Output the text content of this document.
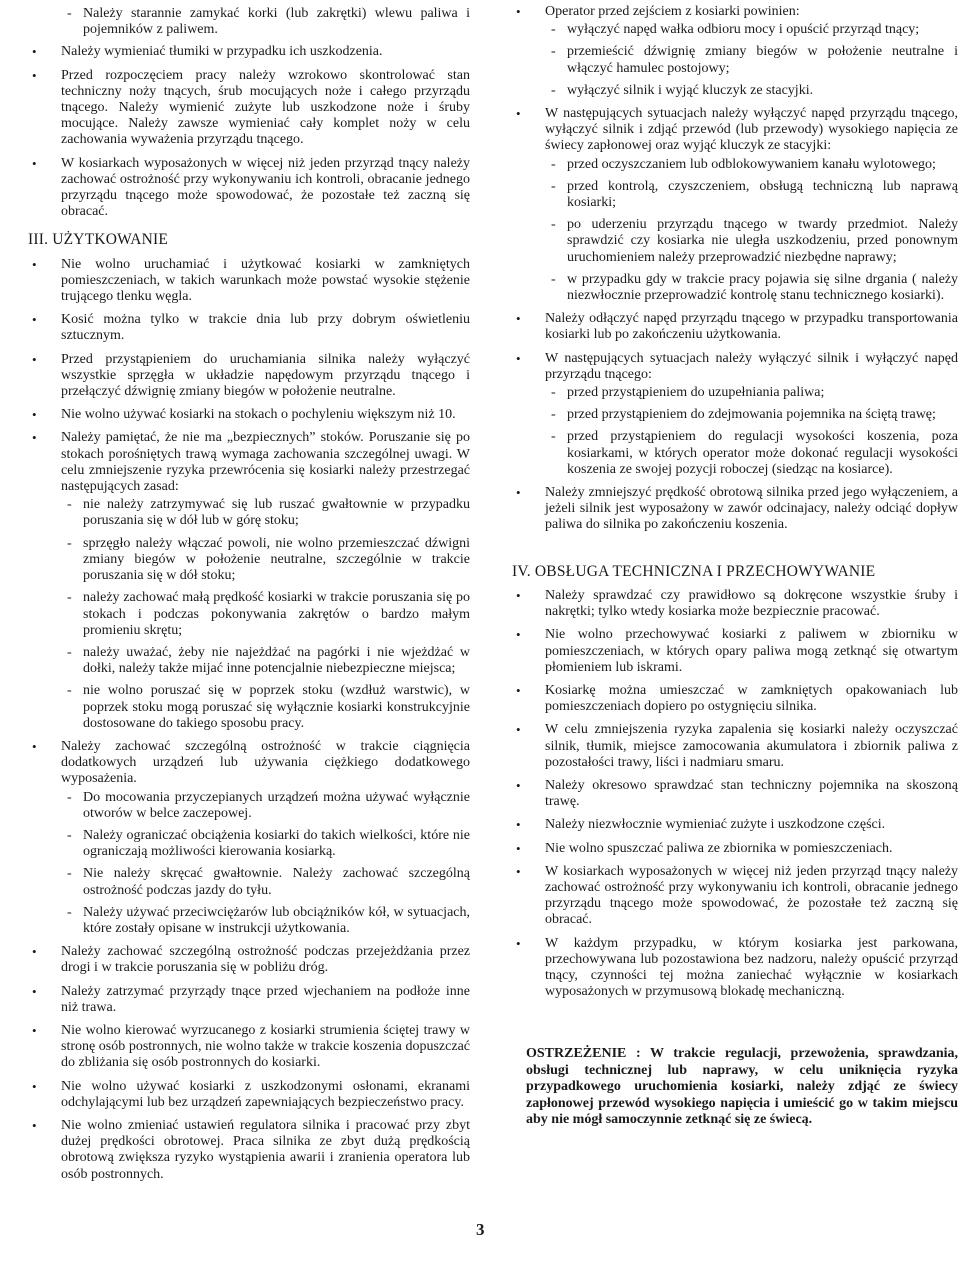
- Należy starannie zamykać korki (lub zakrętki) wlewu paliwa i pojemników z paliwem.
• Należy wymieniać tłumiki w przypadku ich uszkodzenia.
• Przed rozpoczęciem pracy należy wzrokowo skontrolować stan techniczny noży tnących, śrub mocujących noże i całego przyrządu tnącego. Należy wymienić zużyte lub uszkodzone noże i śruby mocujące. Należy zawsze wymieniać cały komplet noży w celu zachowania wyważenia przyrządu tnącego.
• W kosiarkach wyposażonych w więcej niż jeden przyrząd tnący należy zachować ostrożność przy wykonywaniu ich kontroli, obracanie jednego przyrządu tnącego może spowodować, że pozostałe też zaczną się obracać.
III. UŻYTKOWANIE
• Nie wolno uruchamiać i użytkować kosiarki w zamkniętych pomieszczeniach, w takich warunkach może powstać wysokie stężenie trującego tlenku węgla.
• Kosić można tylko w trakcie dnia lub przy dobrym oświetleniu sztucznym.
• Przed przystąpieniem do uruchamiania silnika należy wyłączyć wszystkie sprzęgła w układzie napędowym przyrządu tnącego i przełączyć dźwignię zmiany biegów w położenie neutralne.
• Nie wolno używać kosiarki na stokach o pochyleniu większym niż 10.

• Należy pamiętać, że nie ma „bezpiecznych” stoków. Poruszanie się po stokach porośniętych trawą wymaga zachowania szczególnej uwagi. W celu zmniejszenie ryzyka przewrócenia się kosiarki należy przestrzegać następujących zasad:

- nie należy zatrzymywać się lub ruszać gwałtownie w przypadku poruszania się w dół lub w górę stoku;
- sprzęgło należy włączać powoli, nie wolno przemieszczać dźwigni zmiany biegów w położenie neutralne, szczególnie w trakcie poruszania się w dół stoku;
- należy zachować małą prędkość kosiarki w trakcie poruszania się po stokach i podczas pokonywania zakrętów o bardzo małym promieniu skrętu;
- należy uważać, żeby nie najeżdżać na pagórki i nie wjeżdżać w dołki, należy także mijać inne potencjalnie niebezpieczne miejsca;
- nie wolno poruszać się w poprzek stoku (wzdłuż warstwic), w poprzek stoku mogą poruszać się wyłącznie kosiarki konstrukcyjnie dostosowane do takiego sposobu pracy.

• Należy zachować szczególną ostrożność w trakcie ciągnięcia dodatkowych urządzeń lub używania ciężkiego dodatkowego wyposażenia.

- Do mocowania przyczepianych urządzeń można używać wyłącznie otworów w belce zaczepowej.
- Należy ograniczać obciążenia kosiarki do takich wielkości, które nie ograniczają możliwości kierowania kosiarką.
- Nie należy skręcać gwałtownie. Należy zachować szczególną ostrożność podczas jazdy do tyłu.
- Należy używać przeciwciężarów lub obciążników kół, w sytuacjach, które zostały opisane w instrukcji użytkowania.
• Należy zachować szczególną ostrożność podczas przejeżdżania przez drogi i w trakcie poruszania się w pobliżu dróg.
• Należy zatrzymać przyrządy tnące przed wjechaniem na podłoże inne niż trawa.
• Nie wolno kierować wyrzucanego z kosiarki strumienia ściętej trawy w stronę osób postronnych, nie wolno także w trakcie koszenia dopuszczać do zbliżania się osób postronnych do kosiarki.
• Nie wolno używać kosiarki z uszkodzonymi osłonami, ekranami odchylającymi lub bez urządzeń zapewniających bezpieczeństwo pracy.
• Nie wolno zmieniać ustawień regulatora silnika i pracować przy zbyt dużej prędkości obrotowej. Praca silnika ze zbyt dużą prędkością obrotową zwiększa ryzyko wystąpienia awarii i zranienia operatora lub osób postronnych.

• Operator przed zejściem z kosiarki powinien:

- wyłączyć napęd wałka odbioru mocy i opuścić przyrząd tnący;
- przemieścić dźwignię zmiany biegów w położenie neutralne i włączyć hamulec postojowy;
- wyłączyć silnik i wyjąć kluczyk ze stacyjki.

• W następujących sytuacjach należy wyłączyć napęd przyrządu tnącego, wyłączyć silnik i zdjąć przewód (lub przewody) wysokiego napięcia ze świecy zapłonowej oraz wyjąć kluczyk ze stacyjki:

- przed oczyszczaniem lub odblokowywaniem kanału wylotowego;
- przed kontrolą, czyszczeniem, obsługą techniczną lub naprawą kosiarki;
- po uderzeniu przyrządu tnącego w twardy przedmiot. Należy sprawdzić czy kosiarka nie uległa uszkodzeniu, przed ponownym uruchomieniem należy przeprowadzić niezbędne naprawy;
- w przypadku gdy w trakcie pracy pojawia się silne drgania ( należy niezwłocznie przeprowadzić kontrolę stanu technicznego kosiarki).
• Należy odłączyć napęd przyrządu tnącego w przypadku transportowania kosiarki lub po zakończeniu użytkowania.

• W następujących sytuacjach należy wyłączyć silnik i wyłączyć napęd przyrządu tnącego:

- przed przystąpieniem do uzupełniania paliwa;
- przed przystąpieniem do zdejmowania pojemnika na ściętą trawę;
- przed przystąpieniem do regulacji wysokości koszenia, poza kosiarkami, w których operator może dokonać regulacji wysokości koszenia ze swojej pozycji roboczej (siedząc na kosiarce).
• Należy zmniejszyć prędkość obrotową silnika przed jego wyłączeniem, a jeżeli silnik jest wyposażony w zawór odcinajacy, należy odciąć dopływ paliwa do silnika po zakończeniu koszenia.
IV. OBSŁUGA TECHNICZNA I PRZECHOWYWANIE
• Należy sprawdzać czy prawidłowo są dokręcone wszystkie śruby i nakrętki; tylko wtedy kosiarka może bezpiecznie pracować.
• Nie wolno przechowywać kosiarki z paliwem w zbiorniku w pomieszczeniach, w których opary paliwa mogą zetknąć się otwartym płomieniem lub iskrami.
• Kosiarkę można umieszczać w zamkniętych opakowaniach lub pomieszczeniach dopiero po ostygnięciu silnika.
• W celu zmniejszenia ryzyka zapalenia się kosiarki należy oczyszczać silnik, tłumik, miejsce zamocowania akumulatora i zbiornik paliwa z pozostałości trawy, liści i nadmiaru smaru.
• Należy okresowo sprawdzać stan techniczny pojemnika na skoszoną trawę.
• Należy niezwłocznie wymieniać zużyte i uszkodzone części.
• Nie wolno spuszczać paliwa ze zbiornika w pomieszczeniach.
• W kosiarkach wyposażonych w więcej niż jeden przyrząd tnący należy zachować ostrożność przy wykonywaniu ich kontroli, obracanie jednego przyrządu tnącego może spowodować, że pozostałe też zaczną się obracać.
• W każdym przypadku, w którym kosiarka jest parkowana, przechowywana lub pozostawiona bez nadzoru, należy opuścić przyrząd tnący, czynności tej można zaniechać wyłącznie w kosiarkach wyposażonych w przymusową blokadę mechaniczną.

OSTRZEŻENIE : W trakcie regulacji, przewożenia, sprawdzania, obsługi technicznej lub naprawy, w celu uniknięcia ryzyka przypadkowego uruchomienia kosiarki, należy zdjąć ze świecy zapłonowej przewód wysokiego napięcia i umieścić go w takim miejscu aby nie mógł samoczynnie zetknąć się ze świecą.

3
